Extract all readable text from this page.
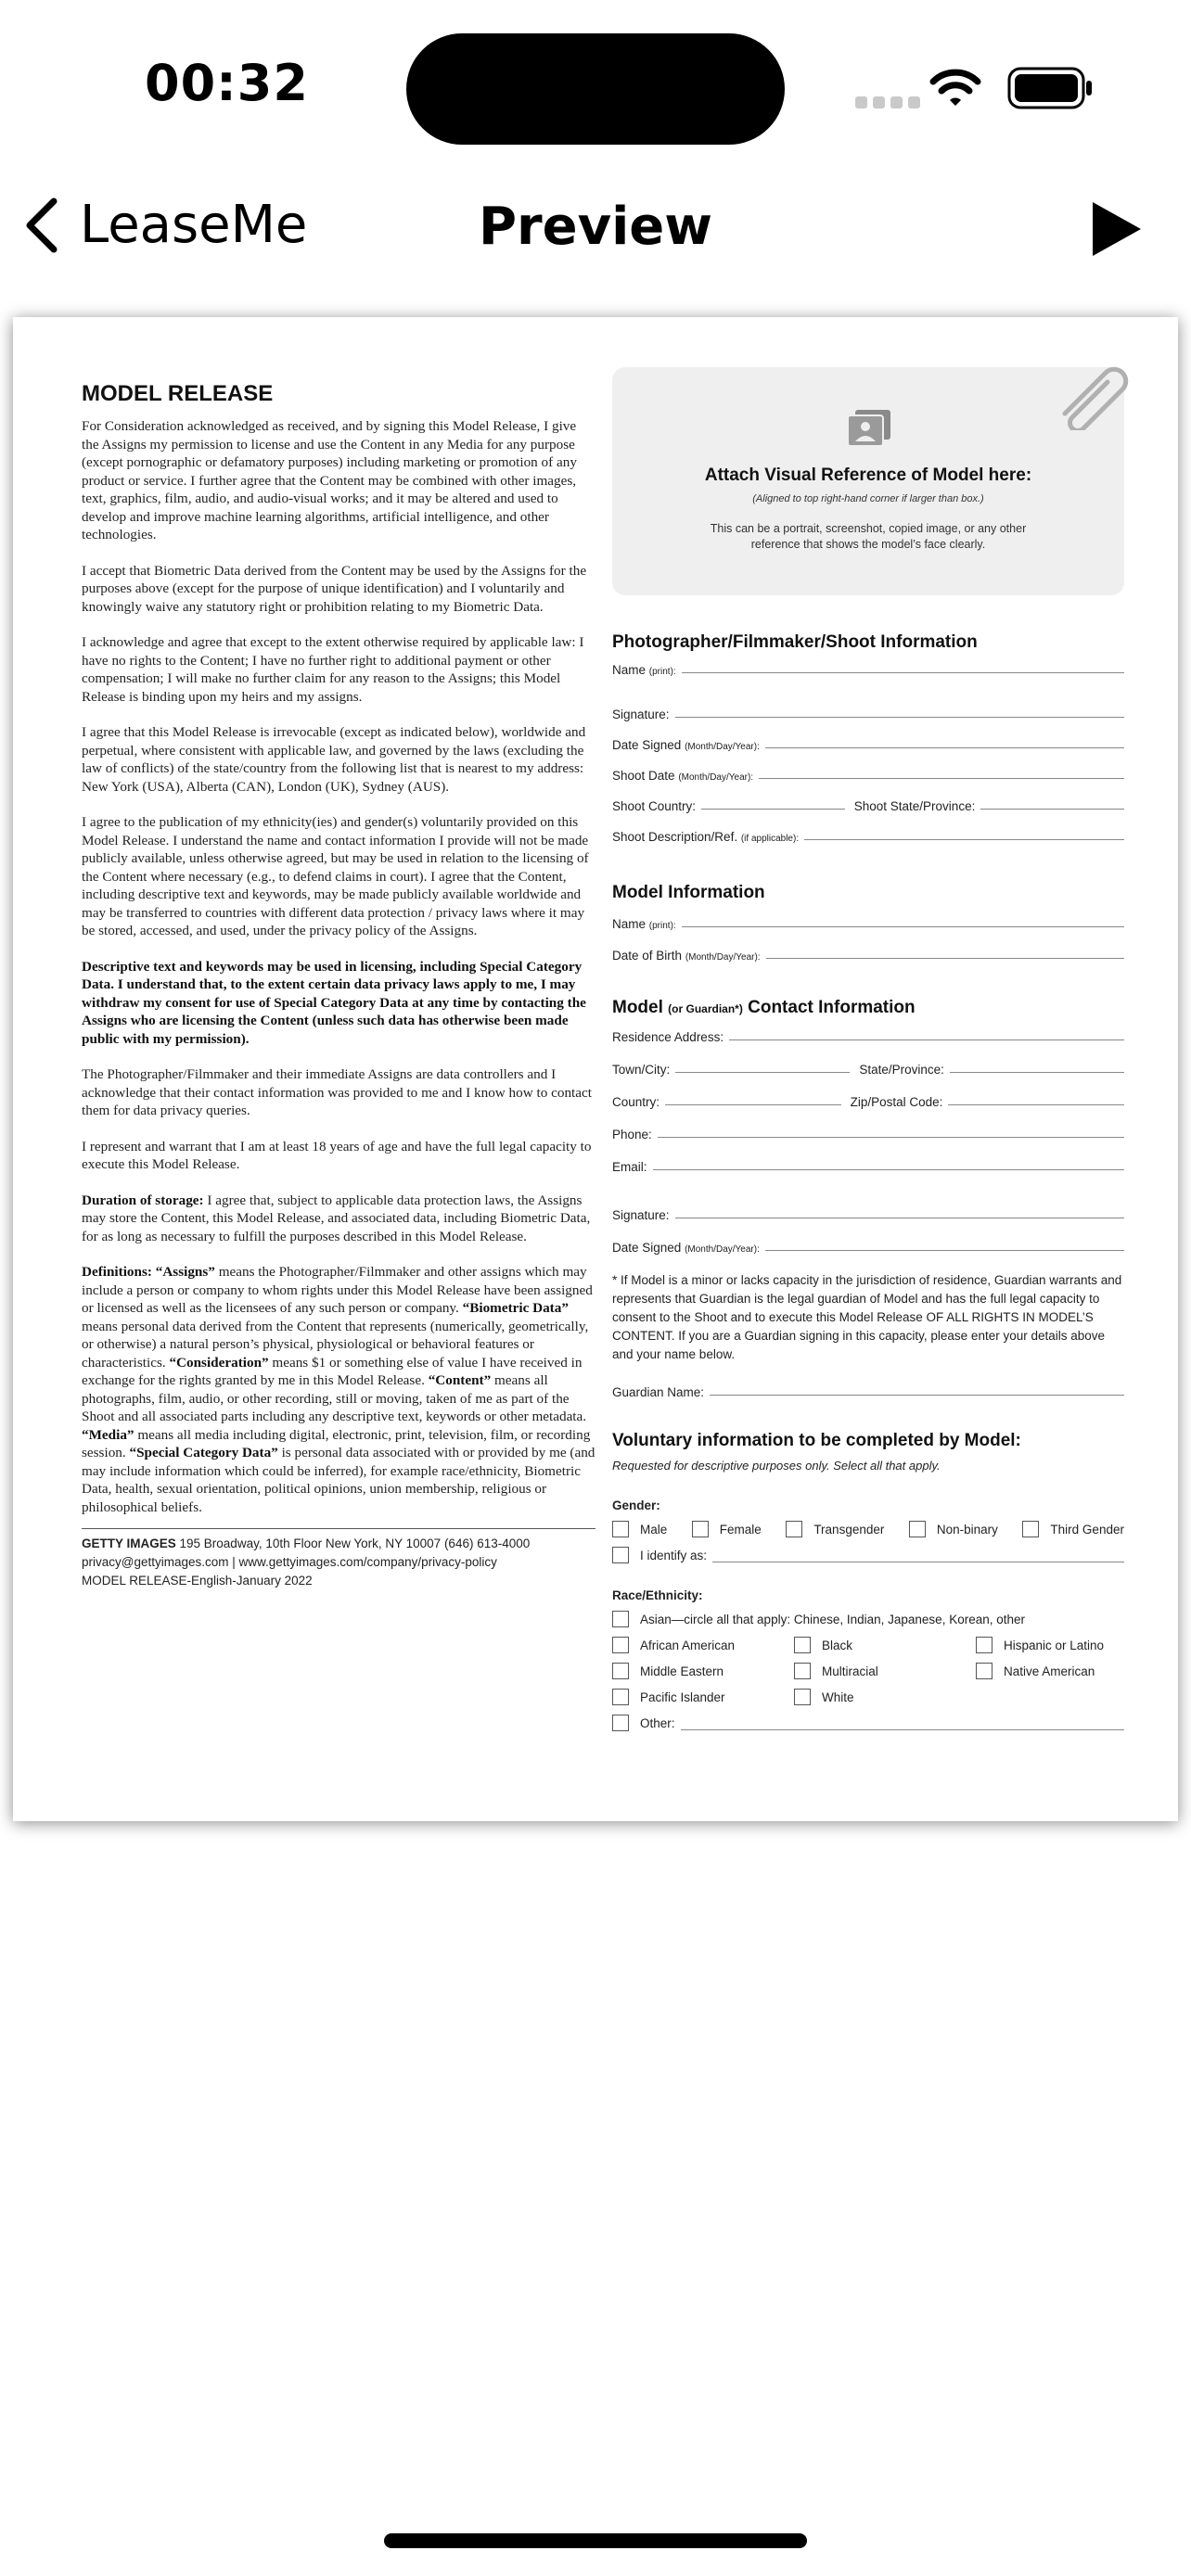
00:32
LeaseMe	Preview
MODEL RELEASE

For Consideration acknowledged as received, and by signing this Model Release, I give the Assigns my permission to license and use the Content in any Media for any purpose (except pornographic or defamatory purposes) including marketing or promotion of any product or service. I further agree that the Content may be combined with other images, text, graphics, film, audio, and audio-visual works; and it may be altered and used to develop and improve machine learning algorithms, artificial intelligence, and other technologies.

I accept that Biometric Data derived from the Content may be used by the Assigns for the purposes above (except for the purpose of unique identification) and I voluntarily and knowingly waive any statutory right or prohibition relating to my Biometric Data.

I acknowledge and agree that except to the extent otherwise required by applicable law: I have no rights to the Content; I have no further right to additional payment or other compensation; I will make no further claim for any reason to the Assigns; this Model Release is binding upon my heirs and my assigns.

I agree that this Model Release is irrevocable (except as indicated below), worldwide and perpetual, where consistent with applicable law, and governed by the laws (excluding the law of conflicts) of the state/country from the following list that is nearest to my address: New York (USA), Alberta (CAN), London (UK), Sydney (AUS).

I agree to the publication of my ethnicity(ies) and gender(s) voluntarily provided on this Model Release. I understand the name and contact information I provide will not be made publicly available, unless otherwise agreed, but may be used in relation to the licensing of the Content where necessary (e.g., to defend claims in court). I agree that the Content, including descriptive text and keywords, may be made publicly available worldwide and may be transferred to countries with different data protection / privacy laws where it may be stored, accessed, and used, under the privacy policy of the Assigns.

Descriptive text and keywords may be used in licensing, including Special Category Data. I understand that, to the extent certain data privacy laws apply to me, I may withdraw my consent for use of Special Category Data at any time by contacting the Assigns who are licensing the Content (unless such data has otherwise been made public with my permission).

The Photographer/Filmmaker and their immediate Assigns are data controllers and I acknowledge that their contact information was provided to me and I know how to contact them for data privacy queries.

I represent and warrant that I am at least 18 years of age and have the full legal capacity to execute this Model Release.

Duration of storage: I agree that, subject to applicable data protection laws, the Assigns may store the Content, this Model Release, and associated data, including Biometric Data, for as long as necessary to fulfill the purposes described in this Model Release.

Definitions: “Assigns” means the Photographer/Filmmaker and other assigns which may include a person or company to whom rights under this Model Release have been assigned or licensed as well as the licensees of any such person or company. “Biometric Data” means personal data derived from the Content that represents (numerically, geometrically, or otherwise) a natural person’s physical, physiological or behavioral features or characteristics. “Consideration” means $1 or something else of value I have received in exchange for the rights granted by me in this Model Release. “Content” means all photographs, film, audio, or other recording, still or moving, taken of me as part of the Shoot and all associated parts including any descriptive text, keywords or other metadata. “Media” means all media including digital, electronic, print, television, film, or recording session. “Special Category Data” is personal data associated with or provided by me (and may include information which could be inferred), for example race/ethnicity, Biometric Data, health, sexual orientation, political opinions, union membership, religious or philosophical beliefs.

GETTY IMAGES 195 Broadway, 10th Floor New York, NY 10007 (646) 613-4000
privacy@gettyimages.com | www.gettyimages.com/company/privacy-policy
MODEL RELEASE-English-January 2022
Attach Visual Reference of Model here:
(Aligned to top right-hand corner if larger than box.)
This can be a portrait, screenshot, copied image, or any other reference that shows the model’s face clearly.
Photographer/Filmmaker/Shoot Information
Name (print):
Signature:
Date Signed (Month/Day/Year):
Shoot Date (Month/Day/Year):
Shoot Country:	Shoot State/Province:
Shoot Description/Ref. (if applicable):
Model Information
Name (print):
Date of Birth (Month/Day/Year):
Model (or Guardian*) Contact Information
Residence Address:
Town/City:	State/Province:
Country:	Zip/Postal Code:
Phone:
Email:
Signature:
Date Signed (Month/Day/Year):
* If Model is a minor or lacks capacity in the jurisdiction of residence, Guardian warrants and represents that Guardian is the legal guardian of Model and has the full legal capacity to consent to the Shoot and to execute this Model Release OF ALL RIGHTS IN MODEL’S CONTENT. If you are a Guardian signing in this capacity, please enter your details above and your name below.
Guardian Name:
Voluntary information to be completed by Model:
Requested for descriptive purposes only. Select all that apply.
Gender:
Male	Female	Transgender	Non-binary	Third Gender
I identify as:
Race/Ethnicity:
Asian—circle all that apply: Chinese, Indian, Japanese, Korean, other
African American	Black	Hispanic or Latino
Middle Eastern	Multiracial	Native American
Pacific Islander	White
Other:
